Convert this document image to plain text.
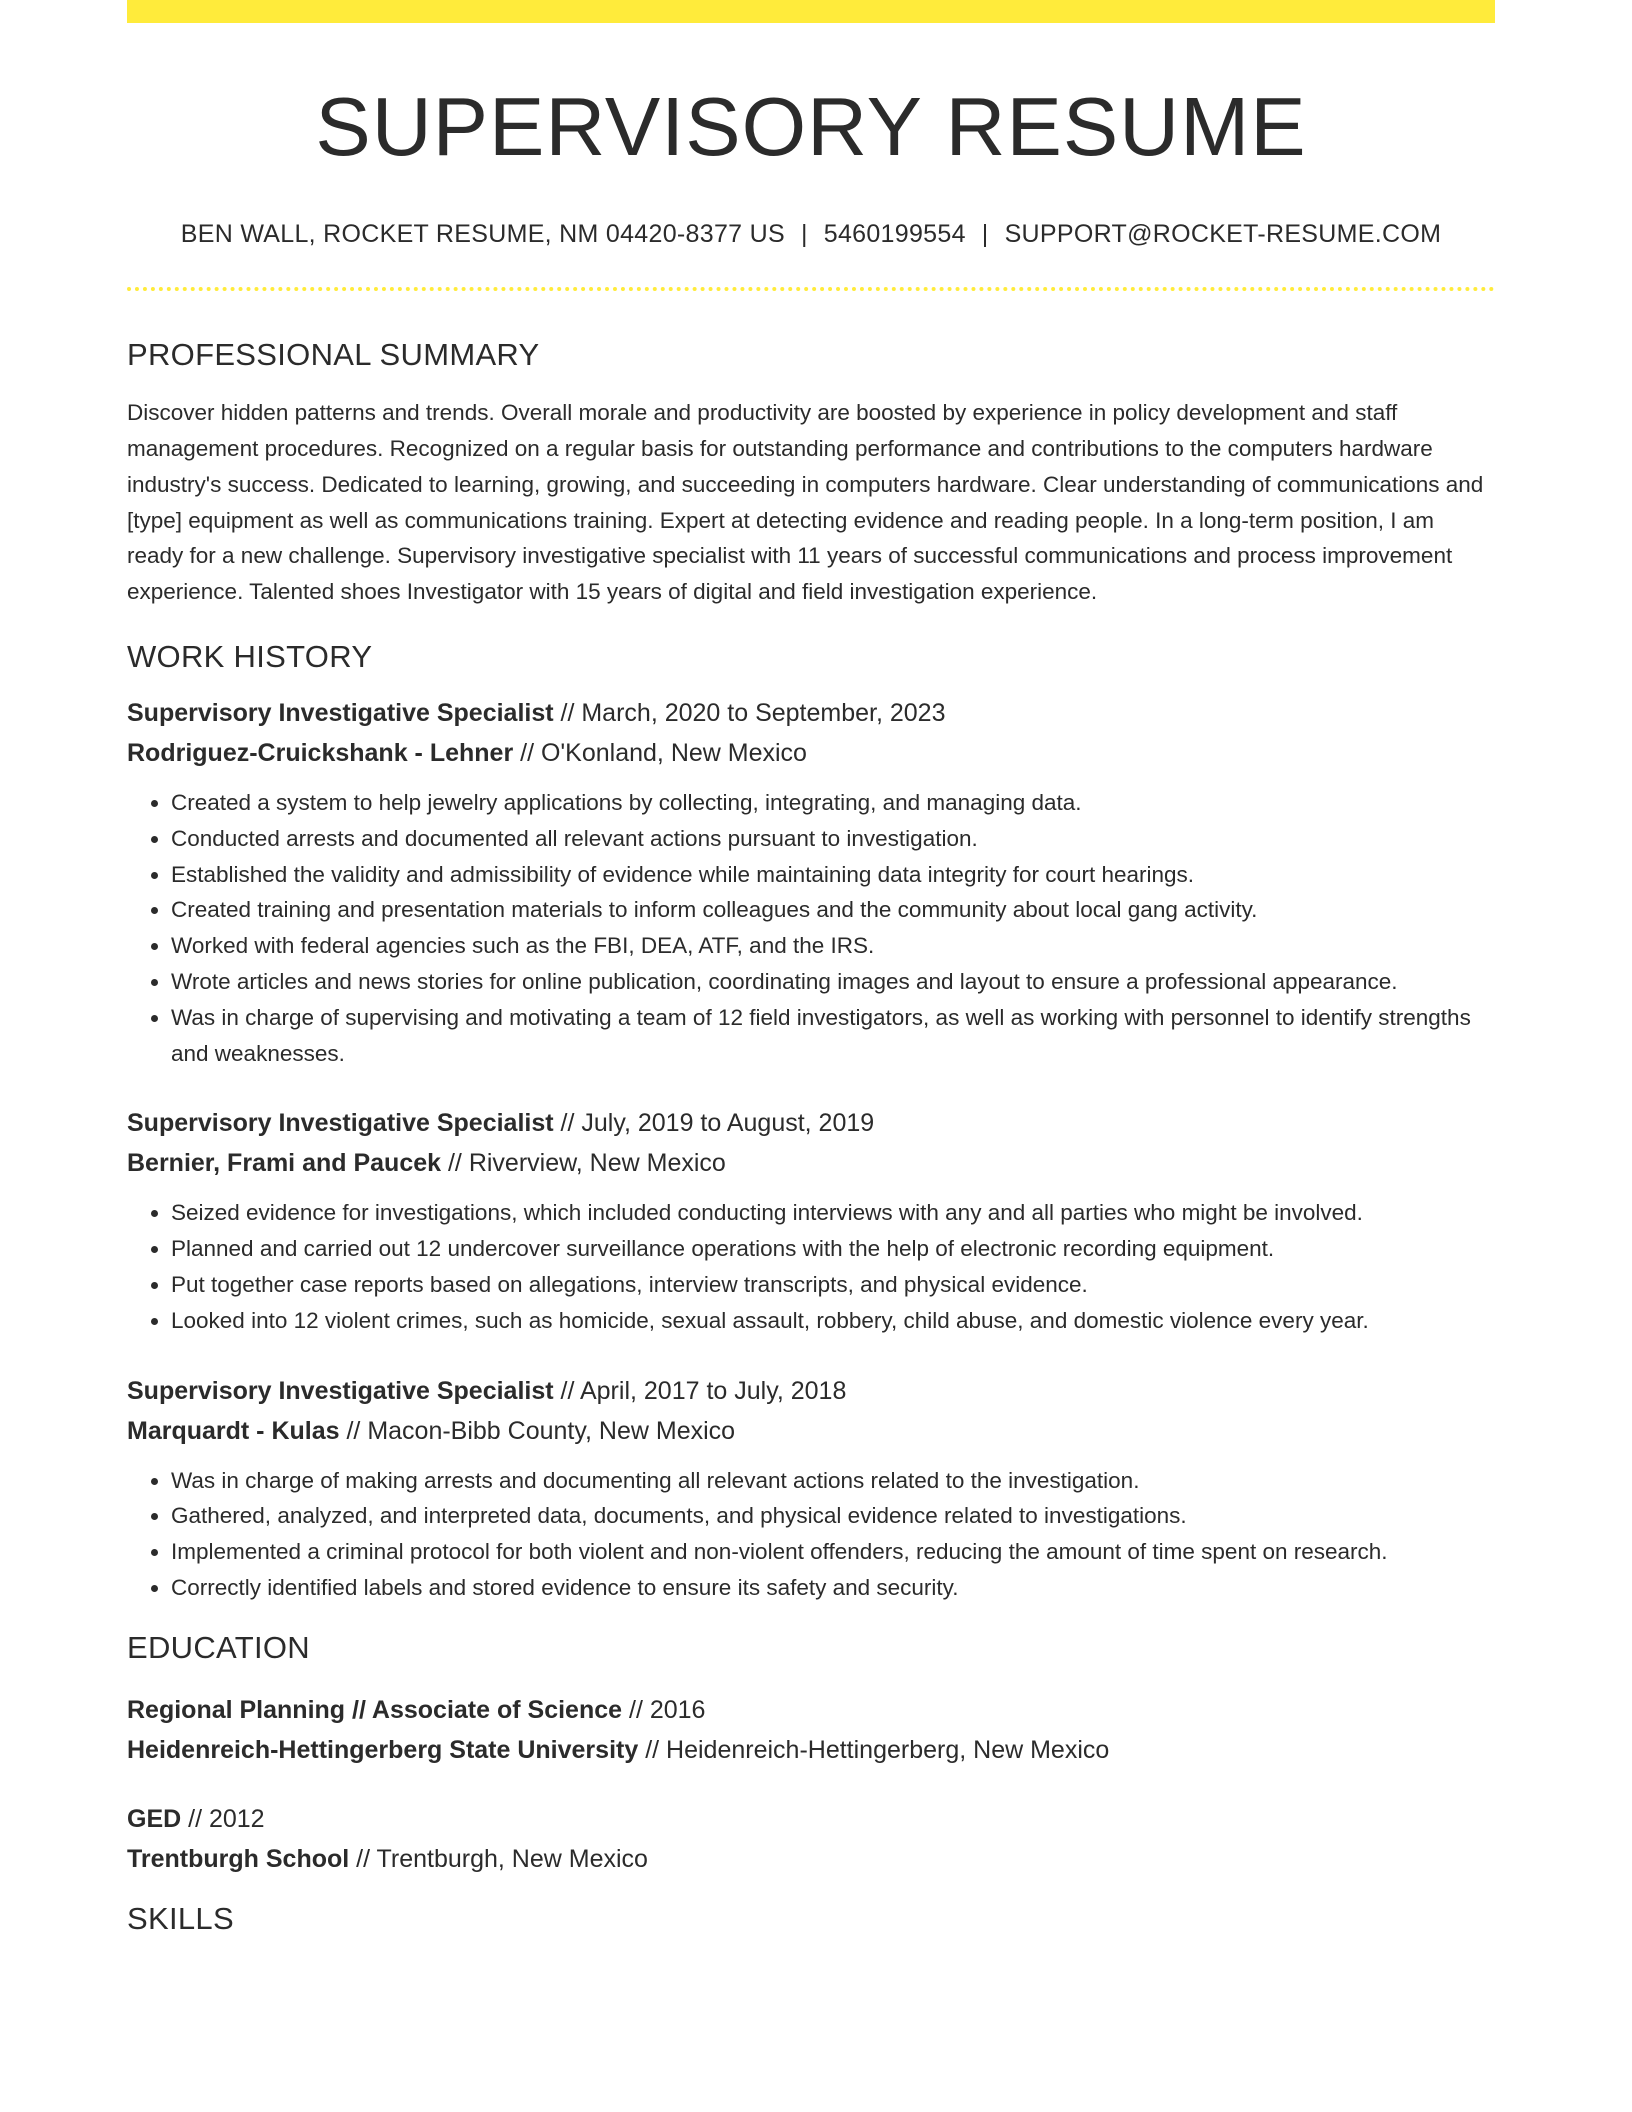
SUPERVISORY RESUME
BEN WALL, ROCKET RESUME, NM 04420-8377 US | 5460199554 | SUPPORT@ROCKET-RESUME.COM
PROFESSIONAL SUMMARY
Discover hidden patterns and trends. Overall morale and productivity are boosted by experience in policy development and staff management procedures. Recognized on a regular basis for outstanding performance and contributions to the computers hardware industry's success. Dedicated to learning, growing, and succeeding in computers hardware. Clear understanding of communications and [type] equipment as well as communications training. Expert at detecting evidence and reading people. In a long-term position, I am ready for a new challenge. Supervisory investigative specialist with 11 years of successful communications and process improvement experience. Talented shoes Investigator with 15 years of digital and field investigation experience.
WORK HISTORY
Supervisory Investigative Specialist // March, 2020 to September, 2023
Rodriguez-Cruickshank - Lehner // O'Konland, New Mexico
• Created a system to help jewelry applications by collecting, integrating, and managing data.
• Conducted arrests and documented all relevant actions pursuant to investigation.
• Established the validity and admissibility of evidence while maintaining data integrity for court hearings.
• Created training and presentation materials to inform colleagues and the community about local gang activity.
• Worked with federal agencies such as the FBI, DEA, ATF, and the IRS.
• Wrote articles and news stories for online publication, coordinating images and layout to ensure a professional appearance.
• Was in charge of supervising and motivating a team of 12 field investigators, as well as working with personnel to identify strengths and weaknesses.
Supervisory Investigative Specialist // July, 2019 to August, 2019
Bernier, Frami and Paucek // Riverview, New Mexico
• Seized evidence for investigations, which included conducting interviews with any and all parties who might be involved.
• Planned and carried out 12 undercover surveillance operations with the help of electronic recording equipment.
• Put together case reports based on allegations, interview transcripts, and physical evidence.
• Looked into 12 violent crimes, such as homicide, sexual assault, robbery, child abuse, and domestic violence every year.
Supervisory Investigative Specialist // April, 2017 to July, 2018
Marquardt - Kulas // Macon-Bibb County, New Mexico
• Was in charge of making arrests and documenting all relevant actions related to the investigation.
• Gathered, analyzed, and interpreted data, documents, and physical evidence related to investigations.
• Implemented a criminal protocol for both violent and non-violent offenders, reducing the amount of time spent on research.
• Correctly identified labels and stored evidence to ensure its safety and security.
EDUCATION
Regional Planning // Associate of Science // 2016
Heidenreich-Hettingerberg State University // Heidenreich-Hettingerberg, New Mexico
GED // 2012
Trentburgh School // Trentburgh, New Mexico
SKILLS
